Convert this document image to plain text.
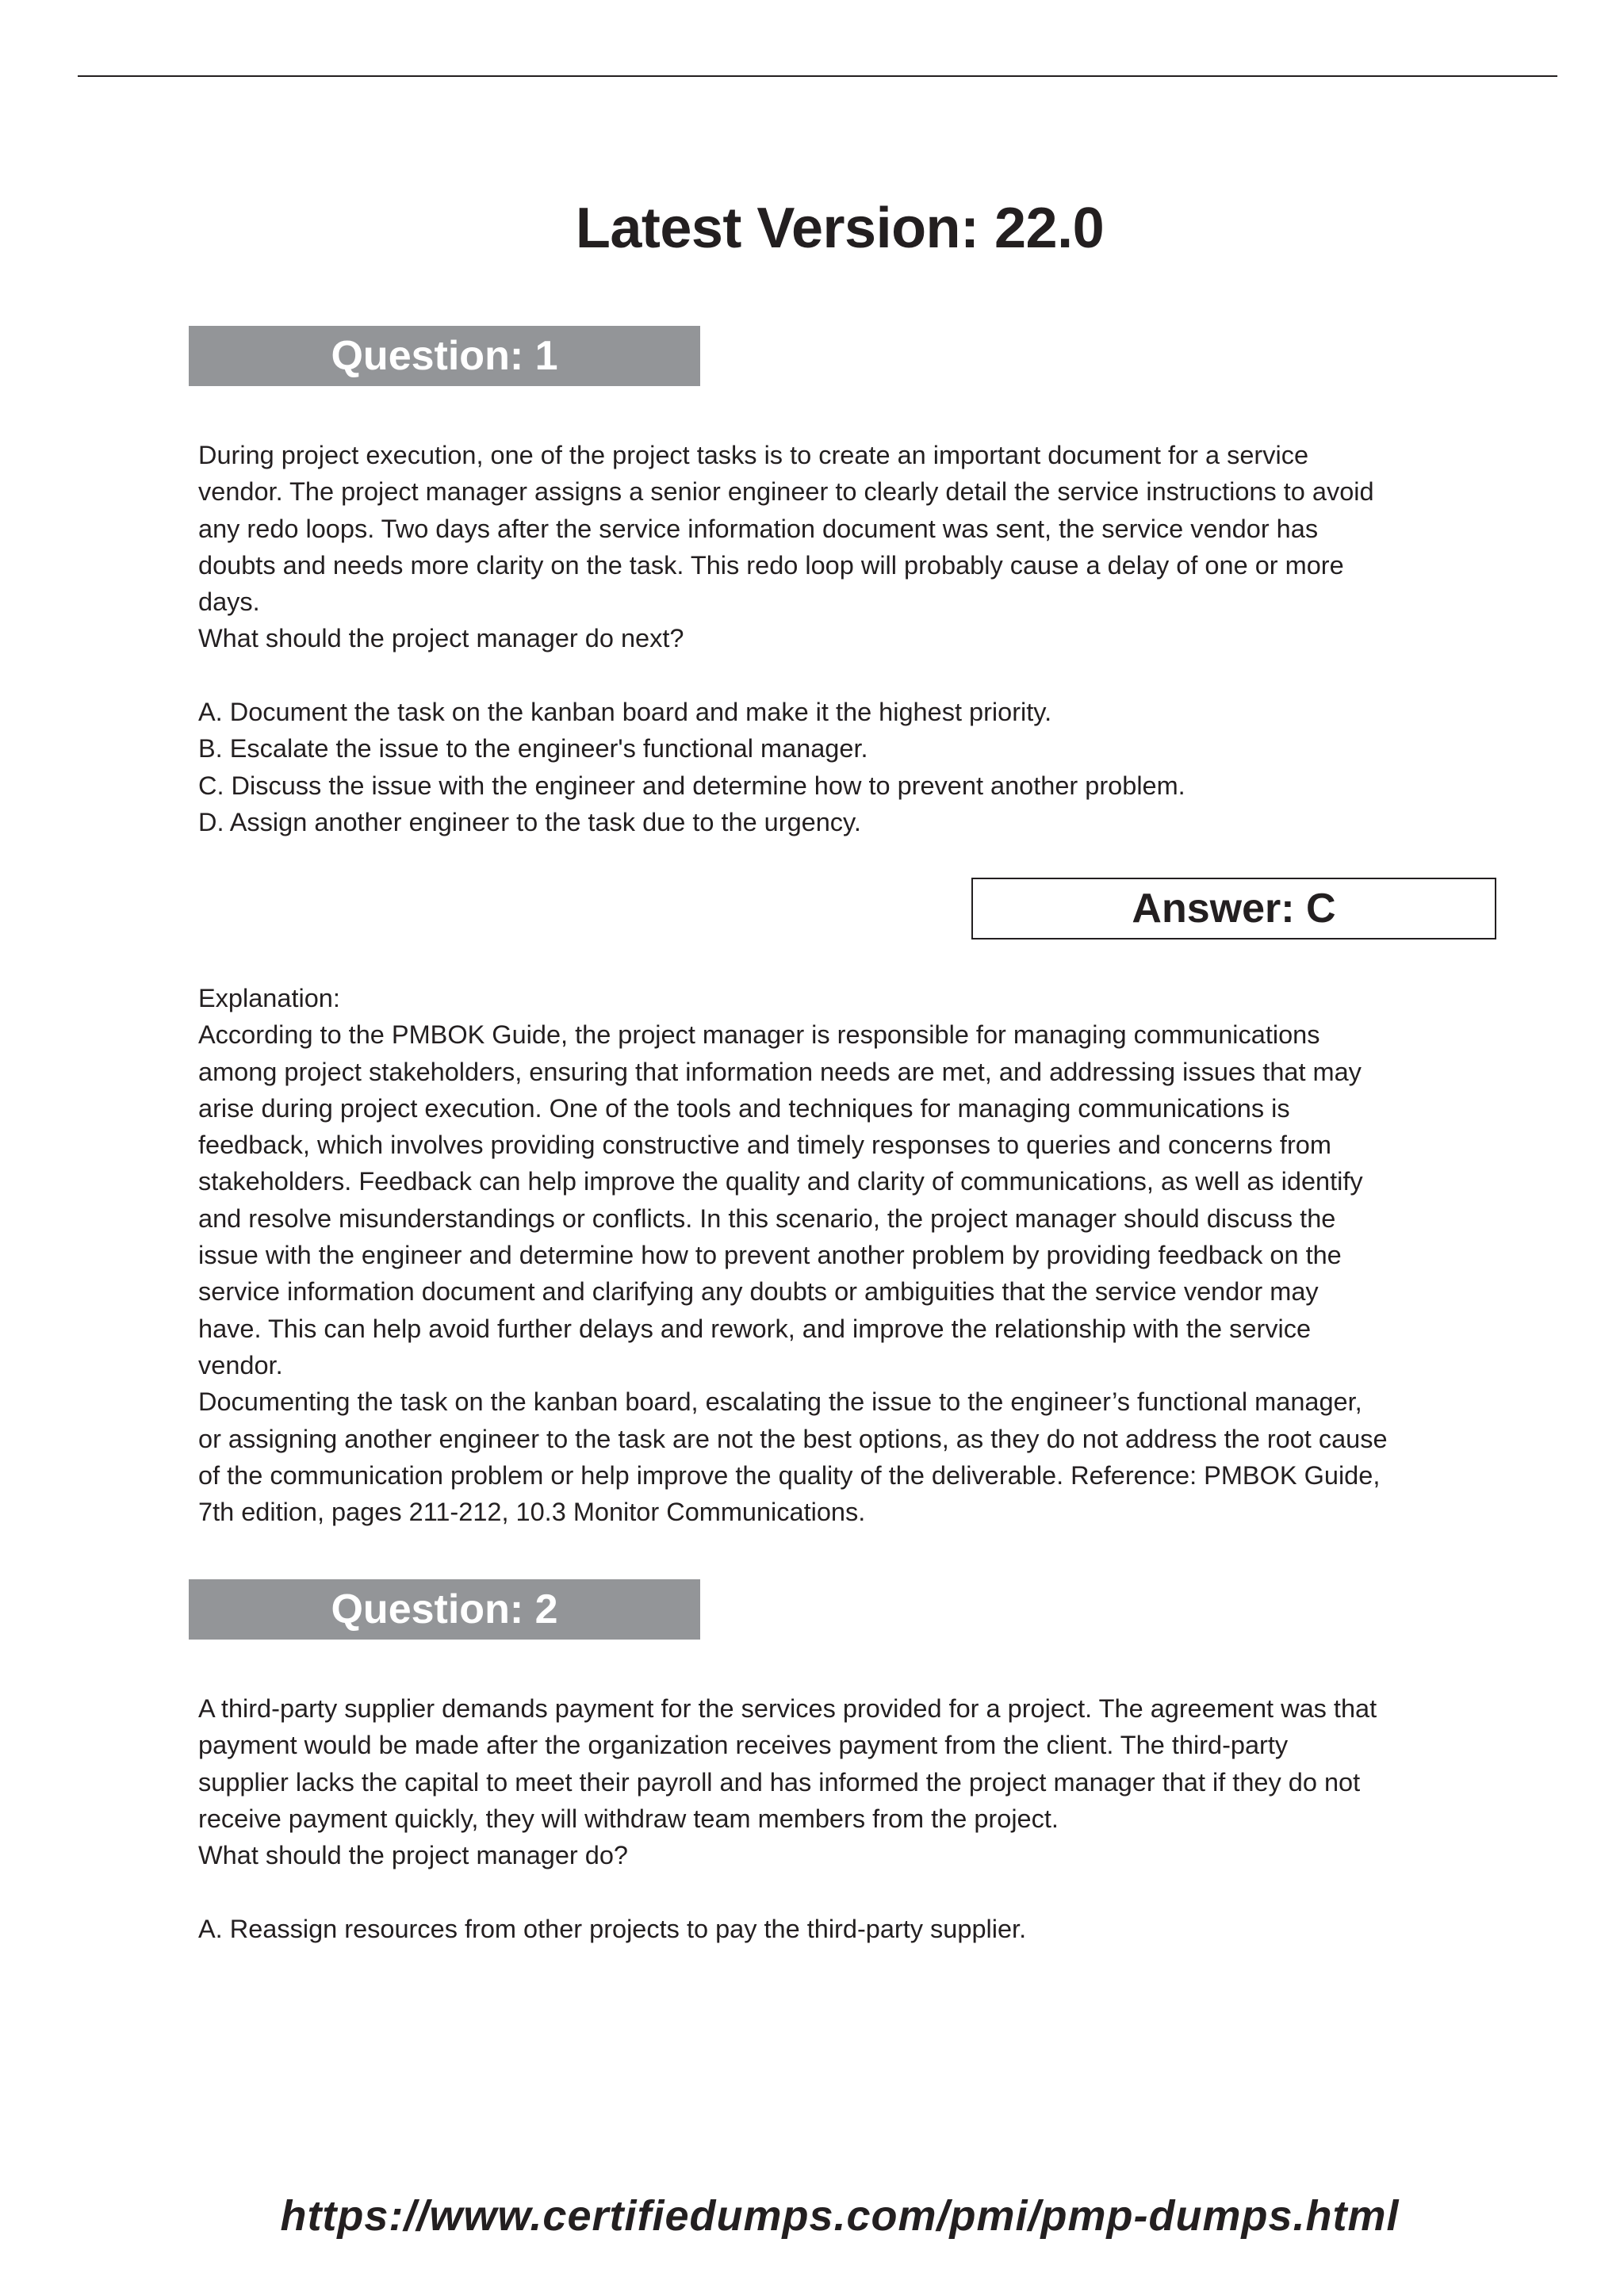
Latest Version: 22.0
Question: 1

During project execution, one of the project tasks is to create an important document for a service

vendor. The project manager assigns a senior engineer to clearly detail the service instructions to avoid

any redo loops. Two days after the service information document was sent, the service vendor has

doubts and needs more clarity on the task. This redo loop will probably cause a delay of one or more

days.

What should the project manager do next?

A. Document the task on the kanban board and make it the highest priority.

B. Escalate the issue to the engineer's functional manager.

C. Discuss the issue with the engineer and determine how to prevent another problem.

D. Assign another engineer to the task due to the urgency.

Answer: C

Explanation:

According to the PMBOK Guide, the project manager is responsible for managing communications

among project stakeholders, ensuring that information needs are met, and addressing issues that may

arise during project execution. One of the tools and techniques for managing communications is

feedback, which involves providing constructive and timely responses to queries and concerns from

stakeholders. Feedback can help improve the quality and clarity of communications, as well as identify

and resolve misunderstandings or conflicts. In this scenario, the project manager should discuss the

issue with the engineer and determine how to prevent another problem by providing feedback on the

service information document and clarifying any doubts or ambiguities that the service vendor may

have. This can help avoid further delays and rework, and improve the relationship with the service

vendor.

Documenting the task on the kanban board, escalating the issue to the engineer’s functional manager,

or assigning another engineer to the task are not the best options, as they do not address the root cause

of the communication problem or help improve the quality of the deliverable. Reference: PMBOK Guide,

7th edition, pages 211-212, 10.3 Monitor Communications.

Question: 2

A third-party supplier demands payment for the services provided for a project. The agreement was that

payment would be made after the organization receives payment from the client. The third-party

supplier lacks the capital to meet their payroll and has informed the project manager that if they do not

receive payment quickly, they will withdraw team members from the project.

What should the project manager do?

A. Reassign resources from other projects to pay the third-party supplier.

https://www.certifiedumps.com/pmi/pmp-dumps.html
